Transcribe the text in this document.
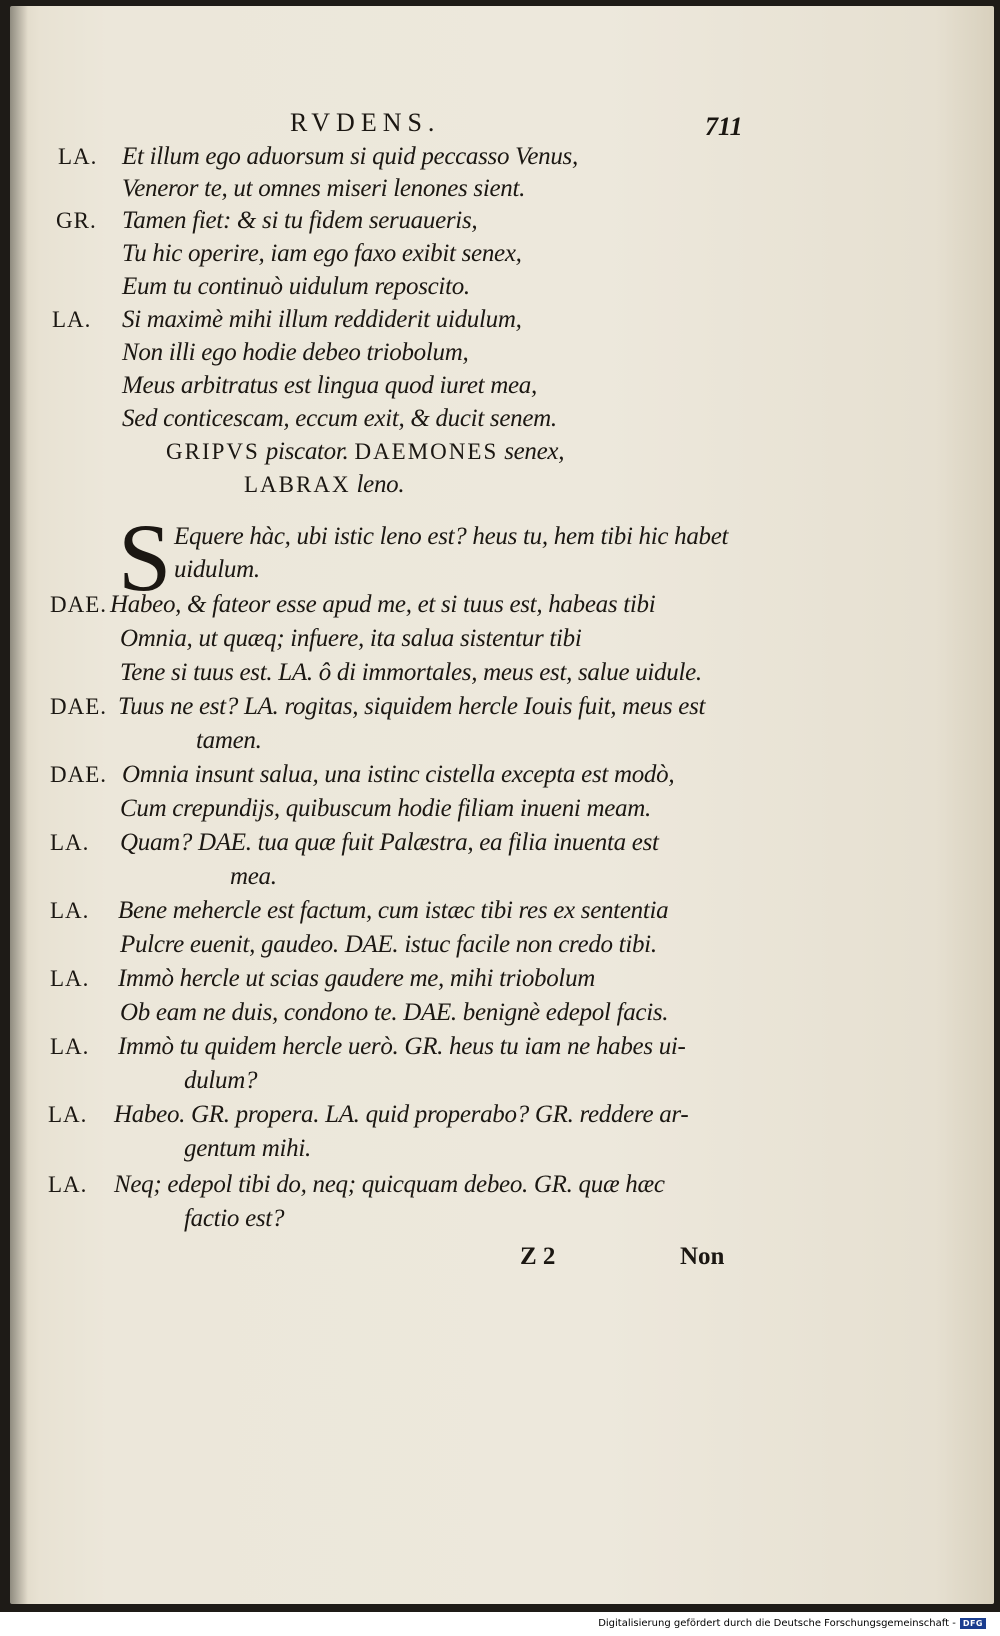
RVDENS.	711
LA. Et illum ego aduorsum si quid peccasso Venus,
Veneror te, ut omnes miseri lenones sient.
GR. Tamen fiet: & si tu fidem seruaueris,
Tu hic operire, iam ego faxo exibit senex,
Eum tu continuò uidulum reposcito.
LA. Si maximè mihi illum reddiderit uidulum,
Non illi ego hodie debeo triobolum,
Meus arbitratus est lingua quod iuret mea,
Sed conticescam, eccum exit, & ducit senem.
GRIPVS piscator. DAEMONES senex,
LABRAX leno.
S Equere hàc, ubi istic leno est? heus tu, hem tibi hic habet
uidulum.
DAE. Habeo, & fateor esse apud me, et si tuus est, habeas tibi
Omnia, ut quæq; infuere, ita salua sistentur tibi
Tene si tuus est. LA. ô di immortales, meus est, salue uidule.
DAE. Tuus ne est? LA. rogitas, siquidem hercle Iouis fuit, meus est
tamen.
DAE. Omnia insunt salua, una istinc cistella excepta est modò,
Cum crepundijs, quibuscum hodie filiam inueni meam.
LA. Quam? DAE. tua quæ fuit Palæstra, ea filia inuenta est
mea.
LA. Bene mehercle est factum, cum istæc tibi res ex sententia
Pulcre euenit, gaudeo. DAE. istuc facile non credo tibi.
LA. Immò hercle ut scias gaudere me, mihi triobolum
Ob eam ne duis, condono te. DAE. benignè edepol facis.
LA. Immò tu quidem hercle uerò. GR. heus tu iam ne habes ui-
dulum?
LA. Habeo. GR. propera. LA. quid properabo? GR. reddere ar-
gentum mihi.
LA. Neq; edepol tibi do, neq; quicquam debeo. GR. quæ hæc
factio est?
Z 2	Non
Digitalisierung gefördert durch die Deutsche Forschungsgemeinschaft - DFG
